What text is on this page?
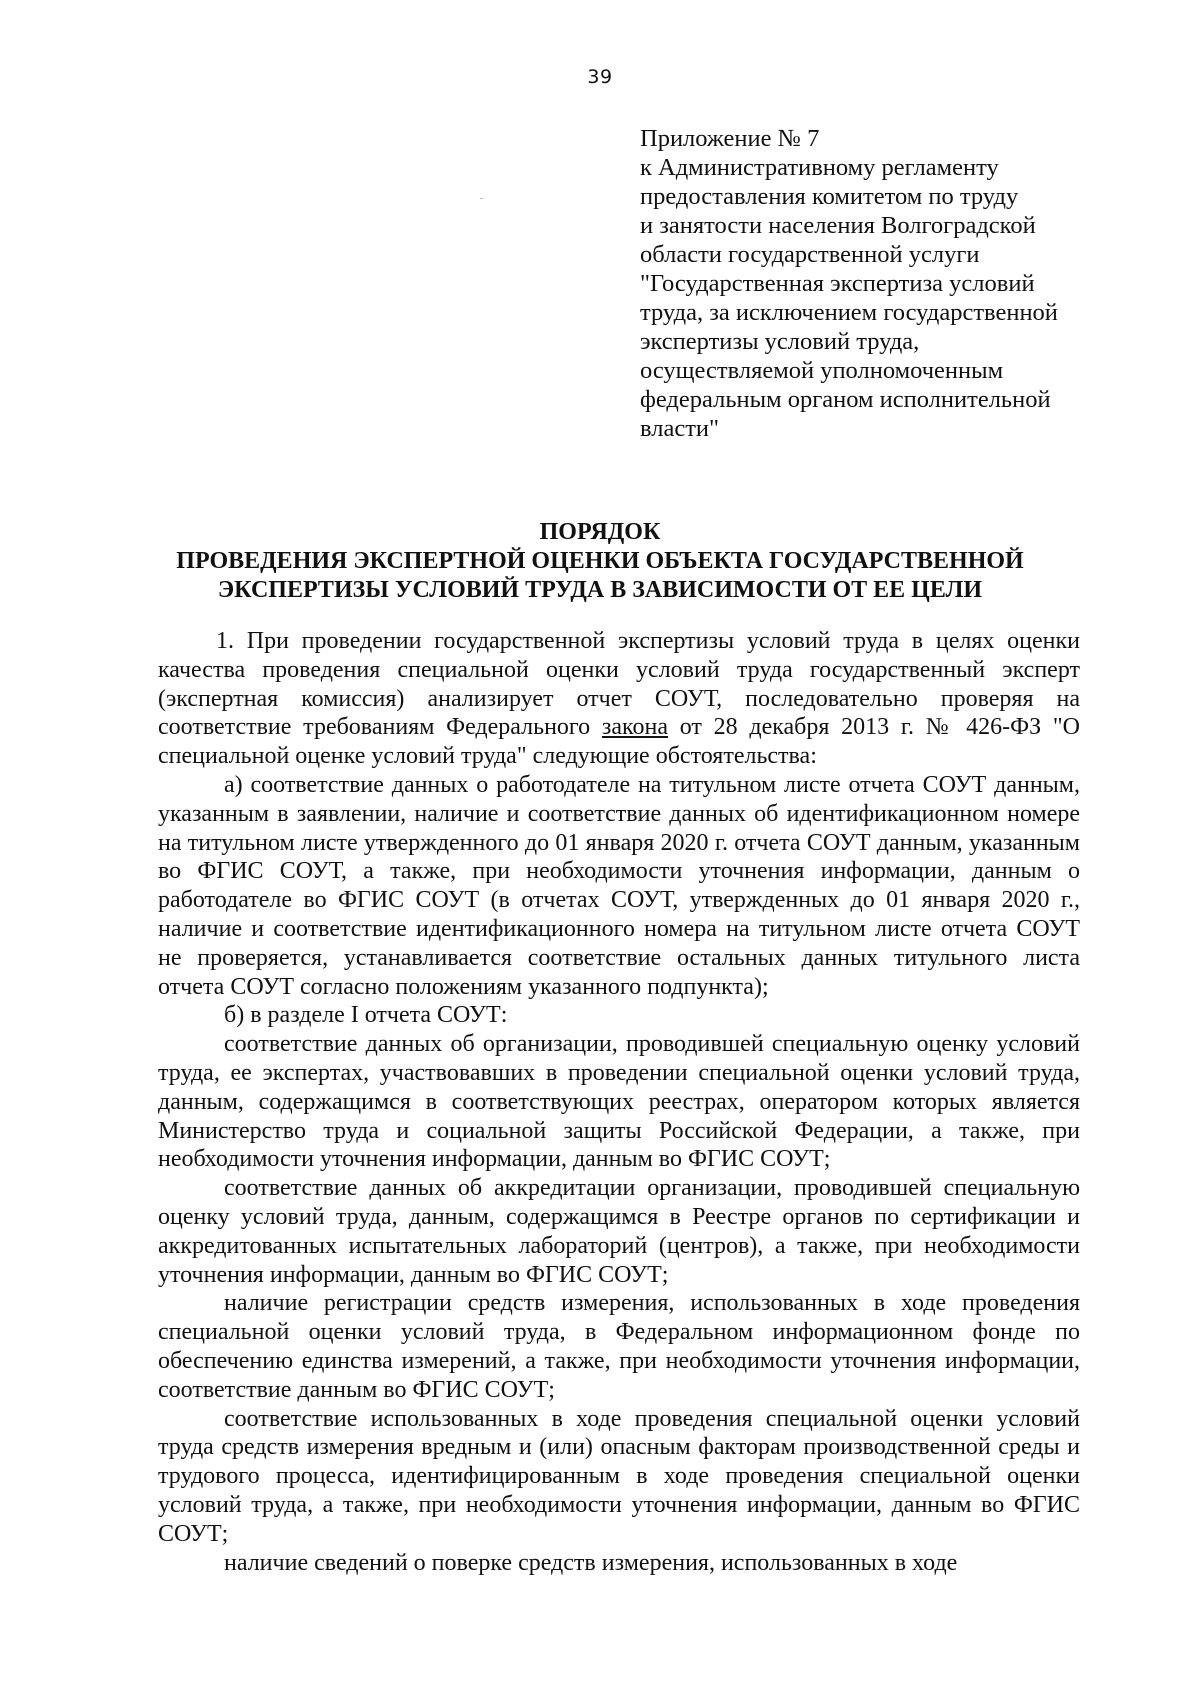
39
Приложение № 7
к Административному регламенту
предоставления комитетом по труду
и занятости населения Волгоградской
области государственной услуги
"Государственная экспертиза условий
труда, за исключением государственной
экспертизы условий труда,
осуществляемой уполномоченным
федеральным органом исполнительной
власти"
ПОРЯДОК
ПРОВЕДЕНИЯ ЭКСПЕРТНОЙ ОЦЕНКИ ОБЪЕКТА ГОСУДАРСТВЕННОЙ
ЭКСПЕРТИЗЫ УСЛОВИЙ ТРУДА В ЗАВИСИМОСТИ ОТ ЕЕ ЦЕЛИ

1. При проведении государственной экспертизы условий труда в целях оценки качества проведения специальной оценки условий труда государственный эксперт (экспертная комиссия) анализирует отчет СОУТ, последовательно проверяя на соответствие требованиям Федерального закона от 28 декабря 2013 г. № 426-ФЗ "О специальной оценке условий труда" следующие обстоятельства:

а) соответствие данных о работодателе на титульном листе отчета СОУТ данным, указанным в заявлении, наличие и соответствие данных об идентификационном номере на титульном листе утвержденного до 01 января 2020 г. отчета СОУТ данным, указанным во ФГИС СОУТ, а также, при необходимости уточнения информации, данным о работодателе во ФГИС СОУТ (в отчетах СОУТ, утвержденных до 01 января 2020 г., наличие и соответствие идентификационного номера на титульном листе отчета СОУТ не проверяется, устанавливается соответствие остальных данных титульного листа отчета СОУТ согласно положениям указанного подпункта);

б) в разделе I отчета СОУТ:

соответствие данных об организации, проводившей специальную оценку условий труда, ее экспертах, участвовавших в проведении специальной оценки условий труда, данным, содержащимся в соответствующих реестрах, оператором которых является Министерство труда и социальной защиты Российской Федерации, а также, при необходимости уточнения информации, данным во ФГИС СОУТ;

соответствие данных об аккредитации организации, проводившей специальную оценку условий труда, данным, содержащимся в Реестре органов по сертификации и аккредитованных испытательных лабораторий (центров), а также, при необходимости уточнения информации, данным во ФГИС СОУТ;

наличие регистрации средств измерения, использованных в ходе проведения специальной оценки условий труда, в Федеральном информационном фонде по обеспечению единства измерений, а также, при необходимости уточнения информации, соответствие данным во ФГИС СОУТ;

соответствие использованных в ходе проведения специальной оценки условий труда средств измерения вредным и (или) опасным факторам производственной среды и трудового процесса, идентифицированным в ходе проведения специальной оценки условий труда, а также, при необходимости уточнения информации, данным во ФГИС СОУТ;

наличие сведений о поверке средств измерения, использованных в ходе
